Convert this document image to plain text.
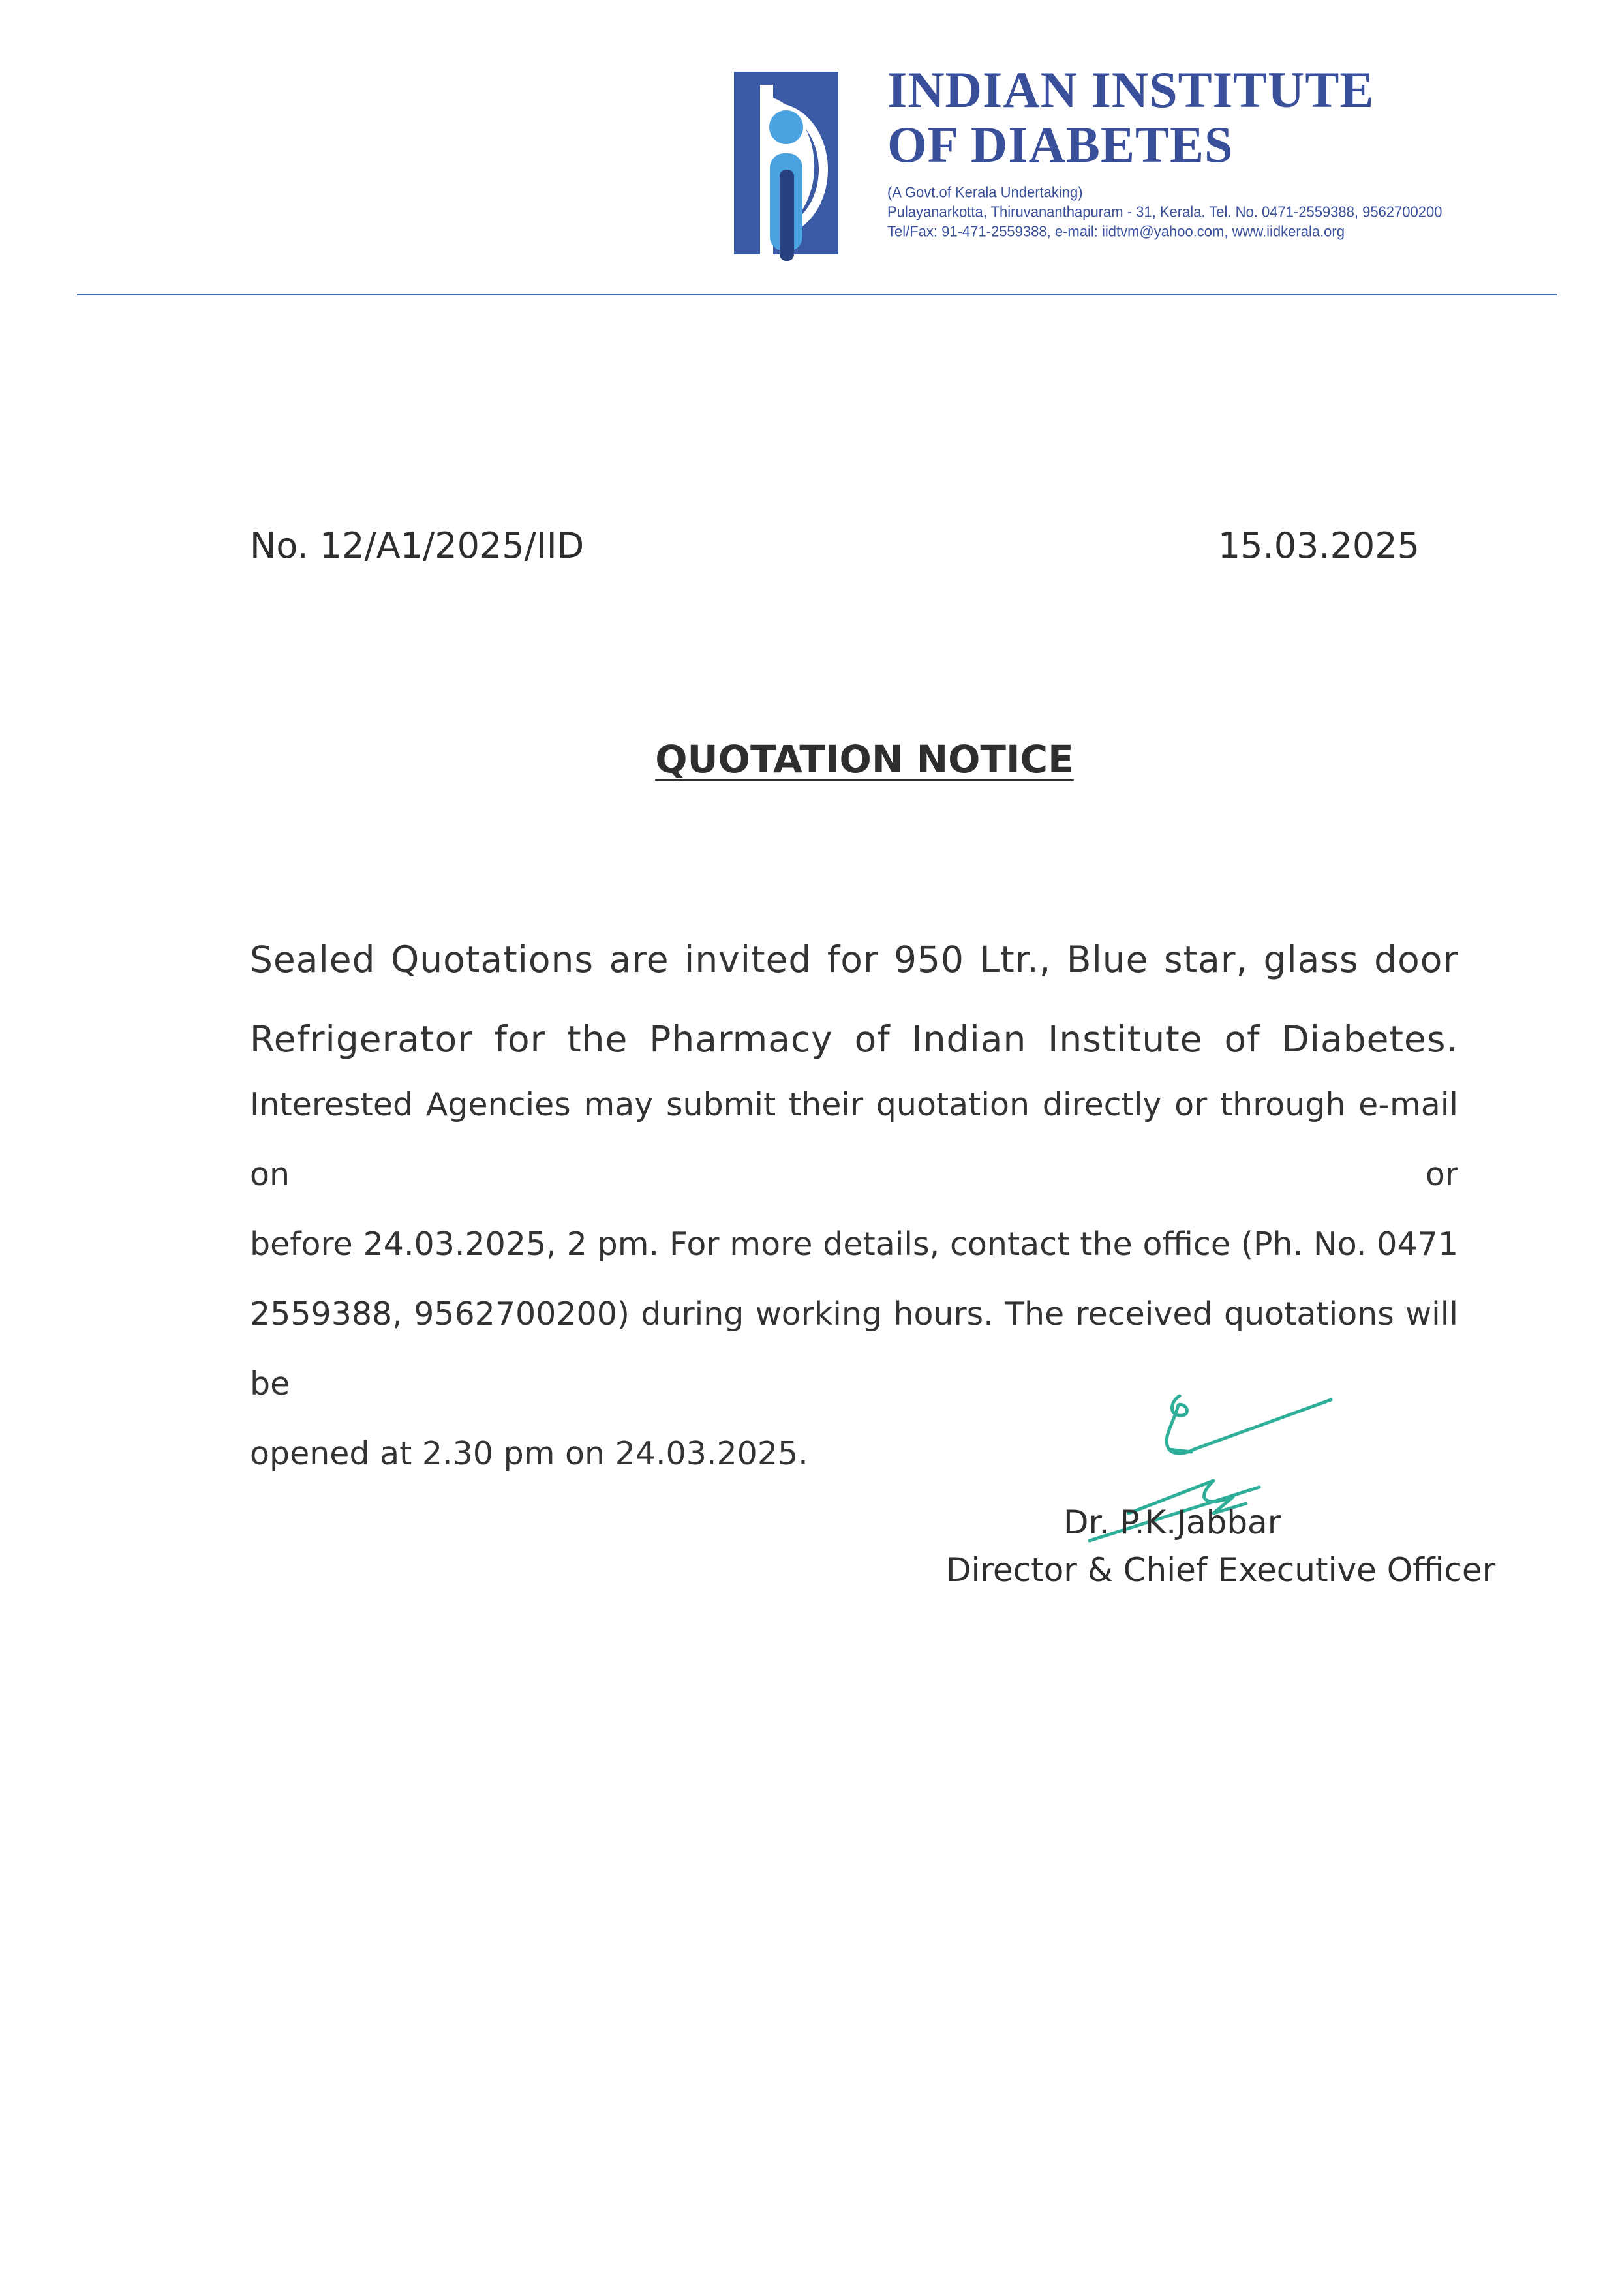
INDIAN INSTITUTE
OF DIABETES
(A Govt.of Kerala Undertaking)
Pulayanarkotta, Thiruvananthapuram - 31, Kerala. Tel. No. 0471-2559388, 9562700200
Tel/Fax: 91-471-2559388, e-mail: iidtvm@yahoo.com, www.iidkerala.org
No. 12/A1/2025/IID	15.03.2025
QUOTATION NOTICE
Sealed Quotations are invited for 950 Ltr., Blue star, glass door
Refrigerator for the Pharmacy of Indian Institute of Diabetes.
Interested Agencies may submit their quotation directly or through e-mail on or
before 24.03.2025, 2 pm. For more details, contact the office (Ph. No. 0471
2559388, 9562700200) during working hours. The received quotations will be
opened at 2.30 pm on 24.03.2025.
Dr. P.K.Jabbar
Director & Chief Executive Officer
